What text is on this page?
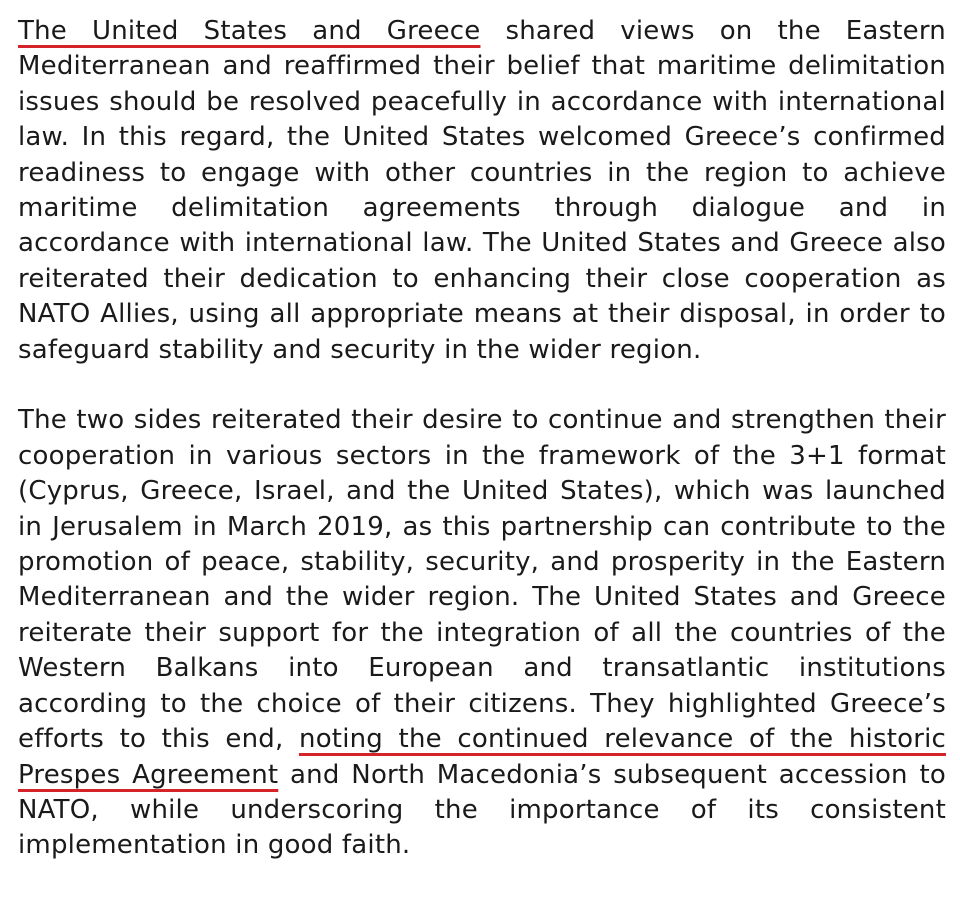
The United States and Greece shared views on the Eastern Mediterranean and reaffirmed their belief that maritime delimitation issues should be resolved peacefully in accordance with international law. In this regard, the United States welcomed Greece’s confirmed readiness to engage with other countries in the region to achieve maritime delimitation agreements through dialogue and in accordance with international law. The United States and Greece also reiterated their dedication to enhancing their close cooperation as NATO Allies, using all appropriate means at their disposal, in order to safeguard stability and security in the wider region.

The two sides reiterated their desire to continue and strengthen their cooperation in various sectors in the framework of the 3+1 format (Cyprus, Greece, Israel, and the United States), which was launched in Jerusalem in March 2019, as this partnership can contribute to the promotion of peace, stability, security, and prosperity in the Eastern Mediterranean and the wider region. The United States and Greece reiterate their support for the integration of all the countries of the Western Balkans into European and transatlantic institutions according to the choice of their citizens. They highlighted Greece’s efforts to this end, noting the continued relevance of the historic Prespes Agreement and North Macedonia’s subsequent accession to NATO, while underscoring the importance of its consistent implementation in good faith.
